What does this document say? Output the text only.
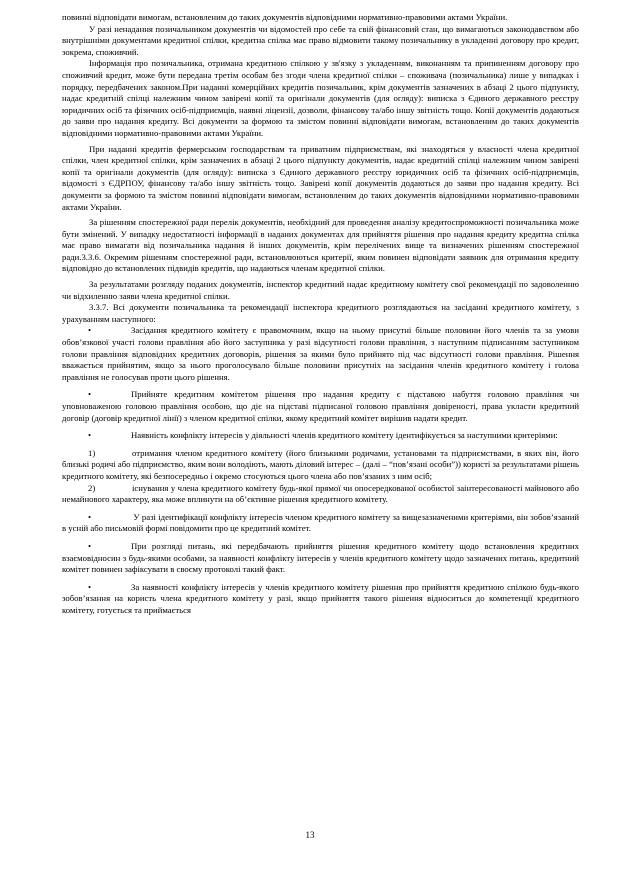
повинні відповідати вимогам, встановленим до таких документів відповідними нормативно-правовими актами України.

У разі ненадання позичальником документів чи відомостей про себе та свій фінансовий стан, що вимагаються законодавством або внутрішніми документами кредитної спілки, кредитна спілка має право відмовити такому позичальнику в укладенні договору про кредит, зокрема, споживчий.

Інформація про позичальника, отримана кредитною спілкою у зв'язку з укладенням, виконанням та припиненням договору про споживчий кредит, може бути передана третім особам без згоди члена кредитної спілки – споживача (позичальника) лише у випадках і порядку, передбачених законом.При наданні комерційних кредитів позичальник, крім документів зазначених в абзаці 2 цього підпункту, надає кредитній спілці належним чином завірені копії та оригінали документів (для огляду): виписка з Єдиного державного реєстру юридичних осіб та фізичних осіб-підприємців, наявні ліцензії, дозволи, фінансову та/або іншу звітність тощо. Копії документів додаються до заяви про надання кредиту. Всі документи за формою та змістом повинні відповідати вимогам, встановленим до таких документів відповідними нормативно-правовими актами України.

При наданні кредитів фермерським господарствам та приватним підприємствам, які знаходяться у власності члена кредитної спілки, член кредитної спілки, крім зазначених в абзаці 2 цього підпункту документів, надає кредитній спілці належним чином завірені копії та оригінали документів (для огляду): виписка з Єдиного державного реєстру юридичних осіб та фізичних осіб-підприємців, відомості з ЄДРПОУ, фінансову та/або іншу звітність тощо. Завірені копії документів додаються до заяви про надання кредиту. Всі документи за формою та змістом повинні відповідати вимогам, встановленим до таких документів відповідними нормативно-правовими актами України.

За рішенням спостережної ради перелік документів, необхідний для проведення аналізу кредитоспроможності позичальника може бути змінений. У випадку недостатності інформації в наданих документах для прийняття рішення про надання кредиту кредитна спілка має право вимагати від позичальника надання й інших документів, крім перелічених вище та визначених рішенням спостережної ради.3.3.6. Окремим рішенням спостережної ради, встановлюються критерії, яким повинен відповідати заявник для отримання кредиту відповідно до встановлених підвидів кредитів, що надаються членам кредитної спілки.

За результатами розгляду поданих документів, інспектор кредитний надає кредитному комітету свої рекомендації по задоволенню чи відхиленню заяви члена кредитної спілки.

3.3.7. Всі документи позичальника та рекомендації інспектора кредитного розглядаються на засіданні кредитного комітету, з урахуванням наступного:

• Засідання кредитного комітету є правомочним, якщо на ньому присутні більше половини його членів та за умови обов’язкової участі голови правління або його заступника у разі відсутності голови правління, з наступним підписанням заступником голови правління відповідних кредитних договорів, рішення за якими було прийнято під час відсутності голови правління. Рішення вважається прийнятим, якщо за нього проголосувало більше половини присутніх на засідання членів кредитного комітету і голова правління не голосував проти цього рішення.

• Прийняте кредитним комітетом рішення про надання кредиту є підставою набуття головою правління чи уповноваженою головою правління особою, що діє на підставі підписаної головою правління довіреності, права укласти кредитний договір (договір кредитної лінії) з членом кредитної спілки, якому кредитний комітет вирішив надати кредит.

• Наявність конфлікту інтересів у діяльності членів кредитного комітету ідентифікується за наступними критеріями:

1)	отримання членом кредитного комітету (його близькими родичами, установами та підприємствами, в яких він, його близькі родичі або підприємство, яким вони володіють, мають діловий інтерес – (далі – “пов’язані особи”)) користі за результатами рішень кредитного комітету, які безпосередньо і окремо стосуються цього члена або пов’язаних з ним осіб;

2)	існування у члена кредитного комітету будь-якої прямої чи опосередкованої особистої заінтересованості майнового або немайнового характеру, яка може вплинути на об’єктивне рішення кредитного комітету.

• У разі ідентифікації конфлікту інтересів членом кредитного комітету за вищезазначеними критеріями, він зобов’язаний в усній або письмовій формі повідомити про це кредитний комітет.

• При розгляді питань, які передбачають прийняття рішення кредитного комітету щодо встановлення кредитних взаємовідносин з будь-якими особами, за наявності конфлікту інтересів у членів кредитного комітету щодо зазначених питань, кредитний комітет повинен зафіксувати в своєму протоколі такий факт.

• За наявності конфлікту інтересів у членів кредитного комітету рішення про прийняття кредитною спілкою будь-якого зобов’язання на користь члена кредитного комітету у разі, якщо прийняття такого рішення відноситься до компетенції кредитного комітету, готується та приймається

13
